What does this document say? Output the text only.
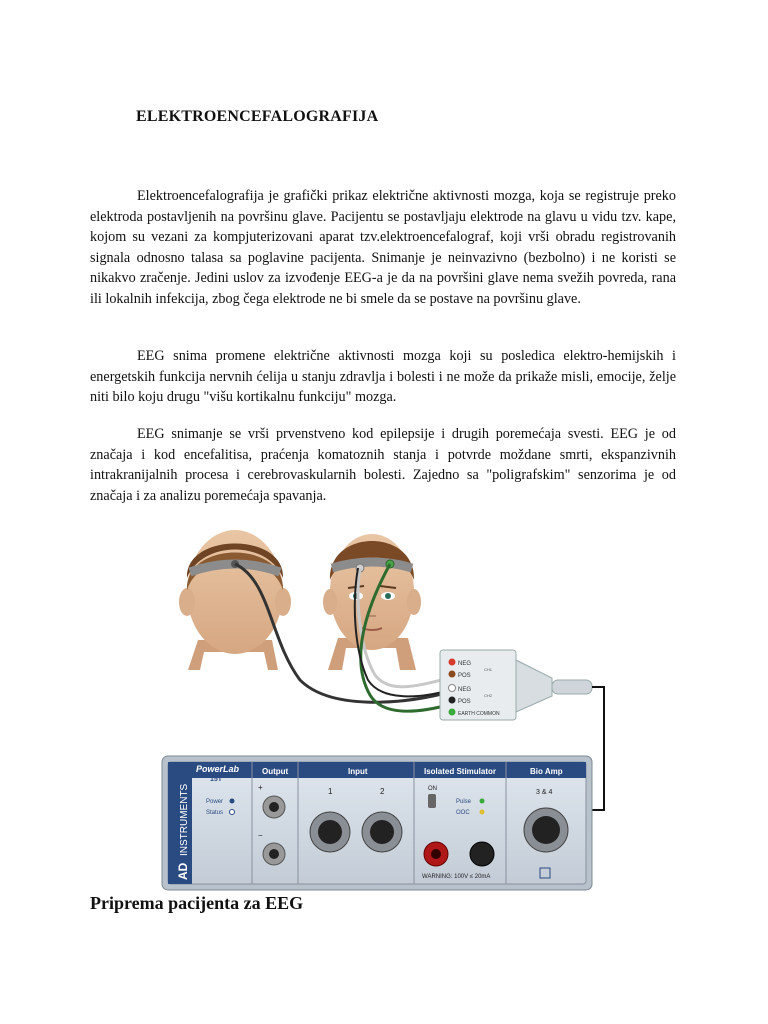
ELEKTROENCEFALOGRAFIJA
Elektroencefalografija je grafički prikaz električne aktivnosti mozga, koja se registruje preko elektroda postavljenih na površinu glave. Pacijentu se postavljaju elektrode na glavu u vidu tzv. kape, kojom su vezani za kompjuterizovani aparat tzv.elektroencefalograf, koji vrši obradu registrovanih signala odnosno talasa sa poglavine pacijenta. Snimanje je neinvazivno (bezbolno) i ne koristi se nikakvo zračenje. Jedini uslov za izvođenje EEG-a je da na površini glave nema svežih povreda, rana ili lokalnih infekcija, zbog čega elektrode ne bi smele da se postave na površinu glave.
EEG snima promene električne aktivnosti mozga koji su posledica elektro-hemijskih i energetskih funkcija nervnih ćelija u stanju zdravlja i bolesti i ne može da prikaže misli, emocije, želje niti bilo koju drugu "višu kortikalnu funkciju" mozga.
EEG snimanje se vrši prvenstveno kod epilepsije i drugih poremećaja svesti. EEG je od značaja i kod encefalitisa, praćenja komatoznih stanja i potvrde moždane smrti, ekspanzivnih intrakranijalnih procesa i cerebrovaskularnih bolesti. Zajedno sa "poligrafskim" senzorima je od značaja i za analizu poremećaja spavanja.
NEG
POS
NEG
POS
EARTH COMMON
CH1
CH2
AD
INSTRUMENTS
PowerLab
15T
Output	Input	Isolated Stimulator	Bio Amp
Power
Status
+
−
1	2	ON
Pulse
OOC
WARNING: 100V ≤ 20mA
3 & 4
Priprema pacijenta za EEG
